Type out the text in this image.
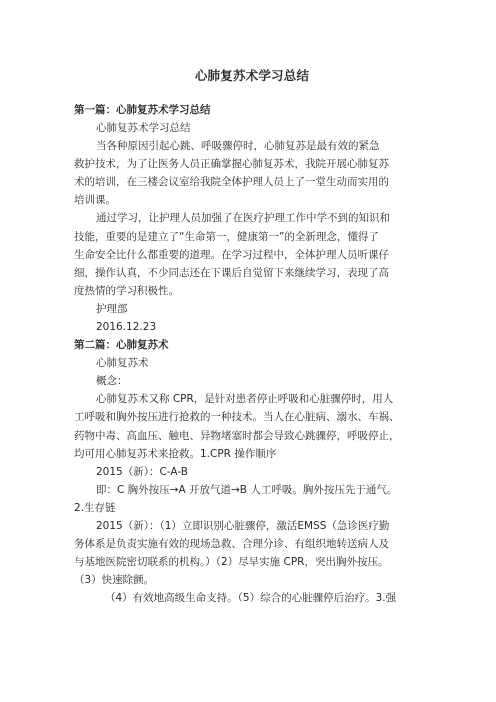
心肺复苏术学习总结
第一篇：心肺复苏术学习总结
心肺复苏术学习总结
当各种原因引起心跳、呼吸骤停时，心肺复苏是最有效的紧急
救护技术，为了让医务人员正确掌握心肺复苏术，我院开展心肺复苏
术的培训，在三楼会议室给我院全体护理人员上了一堂生动而实用的
培训课。
通过学习，让护理人员加强了在医疗护理工作中学不到的知识和
技能，重要的是建立了“生命第一，健康第一”的全新理念，懂得了
生命安全比什么都重要的道理。在学习过程中，全体护理人员听课仔
细，操作认真，不少同志还在下课后自觉留下来继续学习，表现了高
度热情的学习积极性。
护理部
2016.12.23
第二篇：心肺复苏术
心肺复苏术
概念：
心肺复苏术又称 CPR，是针对患者停止呼吸和心脏骤停时，用人
工呼吸和胸外按压进行抢救的一种技术。当人在心脏病、溺水、车祸、
药物中毒、高血压、触电、异物堵塞时都会导致心跳骤停，呼吸停止，
均可用心肺复苏术来抢救。1.CPR 操作顺序
2015（新）：C-A-B
即：C 胸外按压→A 开放气道→B 人工呼吸。胸外按压先于通气。
2.生存链
2015（新）：（1）立即识别心脏骤停，激活EMSS（急诊医疗勤
务体系是负责实施有效的现场急救、合理分诊、有组织地转送病人及
与基地医院密切联系的机构。）（2）尽早实施 CPR，突出胸外按压。
（3）快速除颤。
（4）有效地高级生命支持。（5）综合的心脏骤停后治疗。3.强
